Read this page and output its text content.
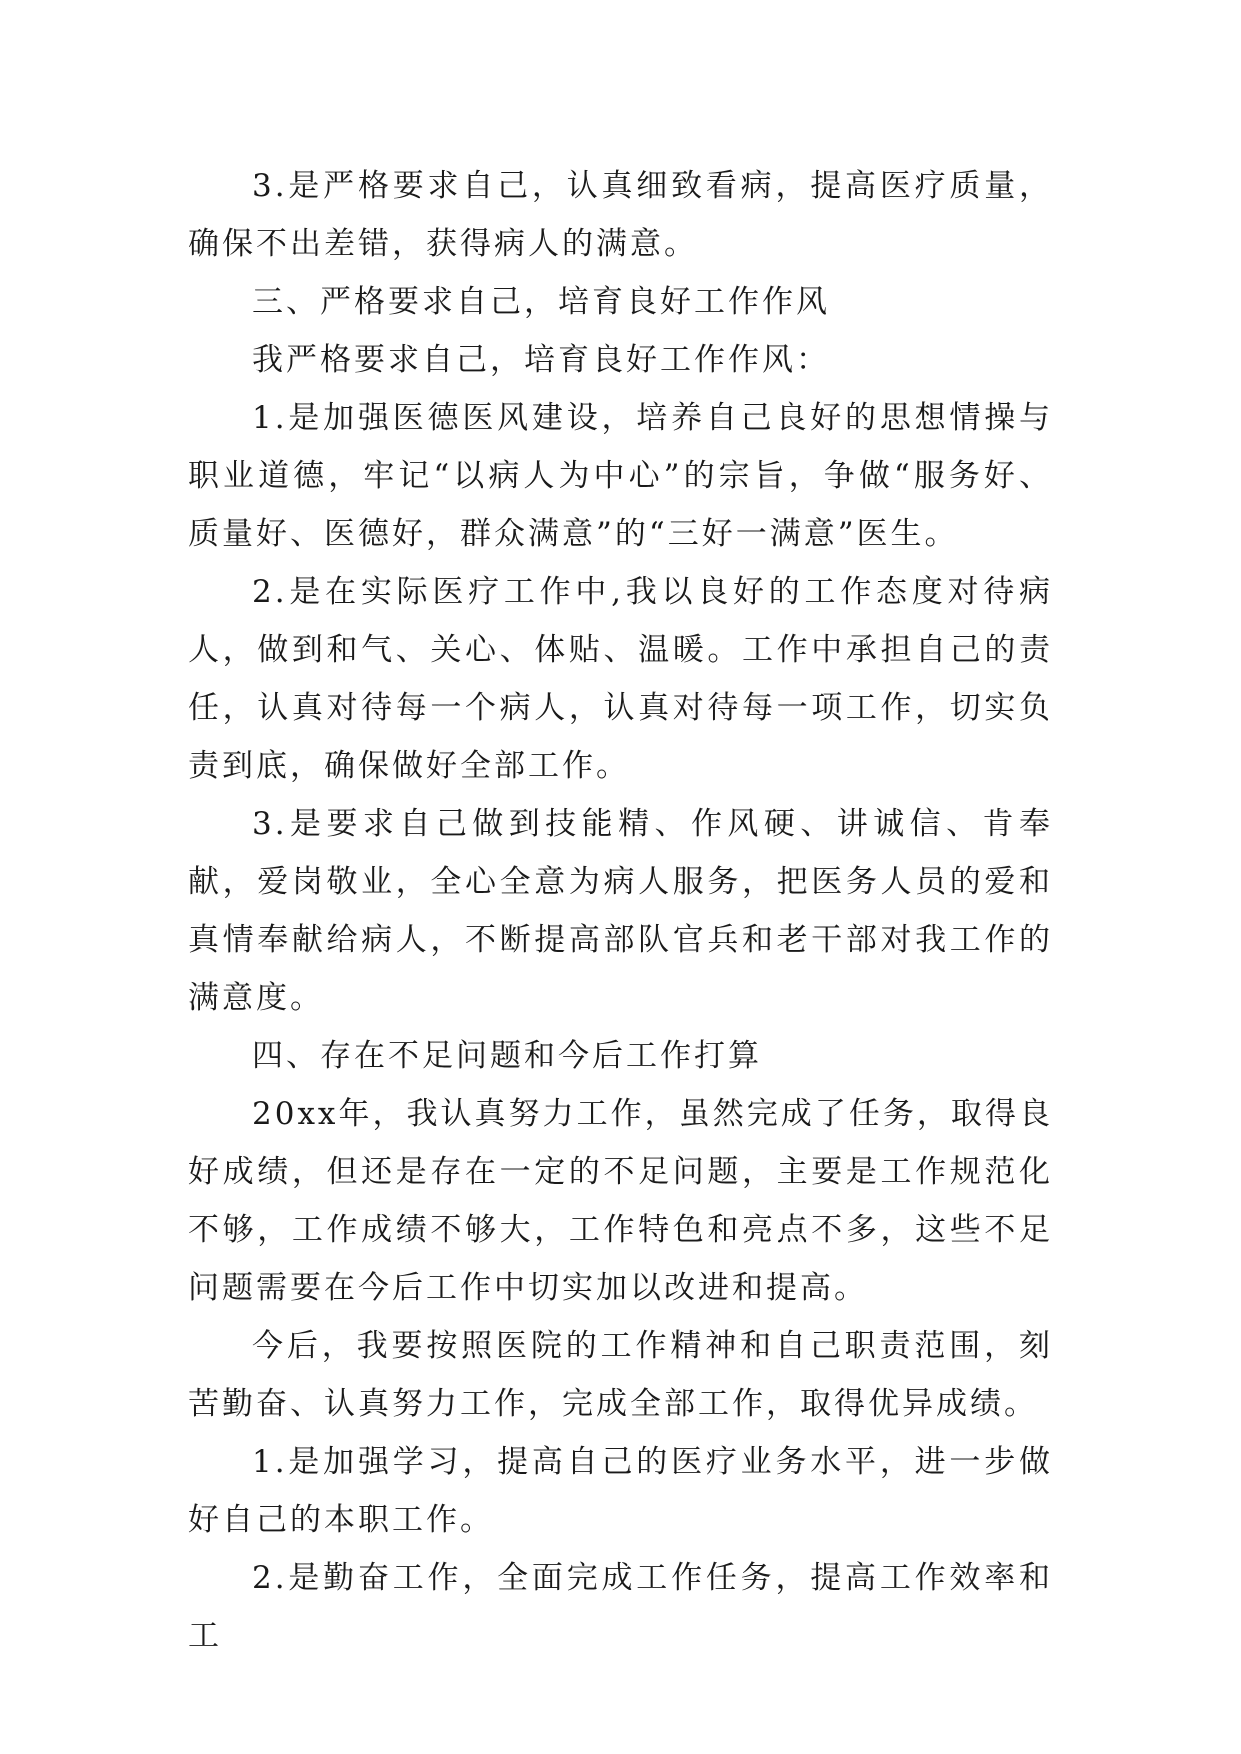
3.是严格要求自己，认真细致看病，提高医疗质量，确保不出差错，获得病人的满意。

三、严格要求自己，培育良好工作作风

我严格要求自己，培育良好工作作风：

1.是加强医德医风建设，培养自己良好的思想情操与职业道德，牢记“以病人为中心”的宗旨，争做“服务好、质量好、医德好，群众满意”的“三好一满意”医生。

2.是在实际医疗工作中,我以良好的工作态度对待病人，做到和气、关心、体贴、温暖。工作中承担自己的责任，认真对待每一个病人，认真对待每一项工作，切实负责到底，确保做好全部工作。

3.是要求自己做到技能精、作风硬、讲诚信、肯奉献，爱岗敬业，全心全意为病人服务，把医务人员的爱和真情奉献给病人，不断提高部队官兵和老干部对我工作的满意度。

四、存在不足问题和今后工作打算

20xx年，我认真努力工作，虽然完成了任务，取得良好成绩，但还是存在一定的不足问题，主要是工作规范化不够，工作成绩不够大，工作特色和亮点不多，这些不足问题需要在今后工作中切实加以改进和提高。

今后，我要按照医院的工作精神和自己职责范围，刻苦勤奋、认真努力工作，完成全部工作，取得优异成绩。

1.是加强学习，提高自己的医疗业务水平，进一步做好自己的本职工作。

2.是勤奋工作，全面完成工作任务，提高工作效率和工
